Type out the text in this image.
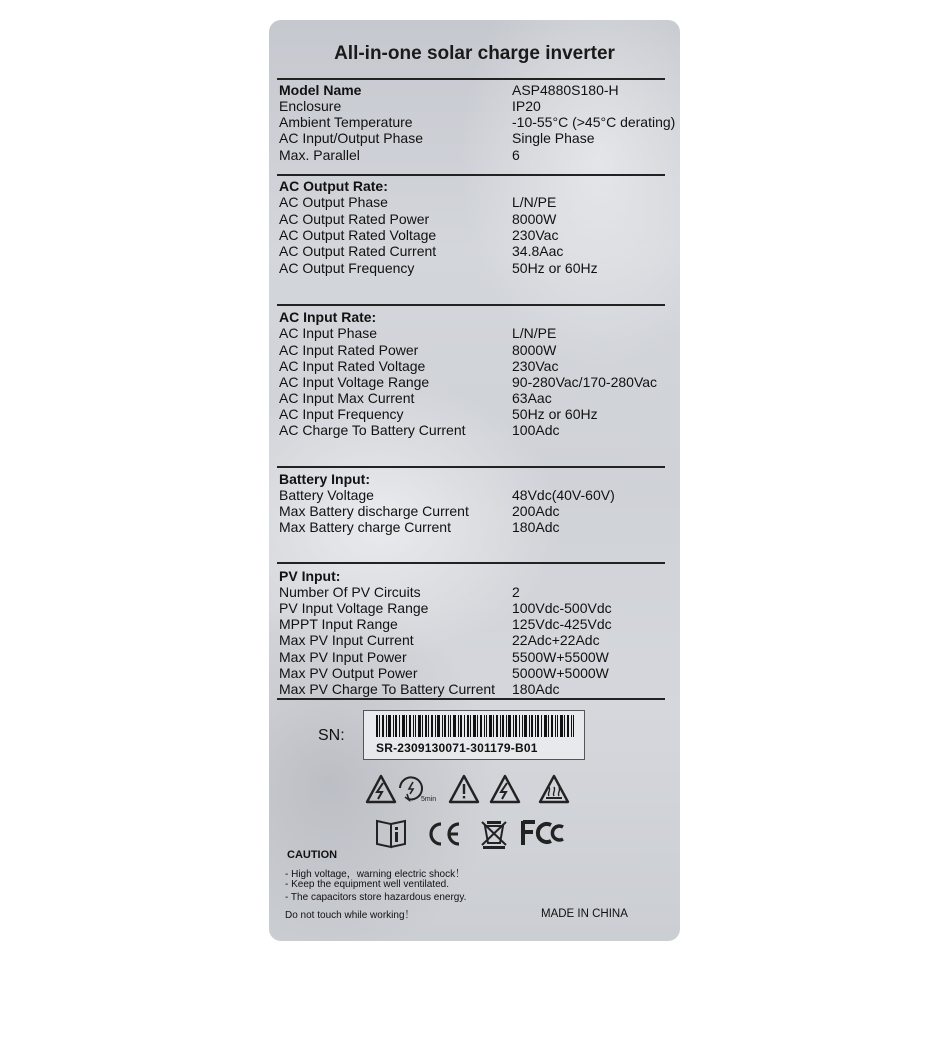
All-in-one solar charge inverter
Model Name	ASP4880S180-H
Enclosure	IP20
Ambient Temperature	-10-55°C (>45°C derating)
AC Input/Output Phase	Single Phase
Max. Parallel	6
AC Output Rate:
AC Output Phase	L/N/PE
AC Output Rated Power	8000W
AC Output Rated Voltage	230Vac
AC Output Rated Current	34.8Aac
AC Output Frequency	50Hz or 60Hz
AC Input Rate:
AC Input Phase	L/N/PE
AC Input Rated Power	8000W
AC Input Rated Voltage	230Vac
AC Input Voltage Range	90-280Vac/170-280Vac
AC Input Max Current	63Aac
AC Input Frequency	50Hz or 60Hz
AC Charge To Battery Current	100Adc
Battery Input:
Battery Voltage	48Vdc(40V-60V)
Max Battery discharge Current	200Adc
Max Battery charge Current	180Adc
PV Input:
Number Of PV Circuits	2
PV Input Voltage Range	100Vdc-500Vdc
MPPT Input Range	125Vdc-425Vdc
Max PV Input Current	22Adc+22Adc
Max PV Input Power	5500W+5500W
Max PV Output Power	5000W+5000W
Max PV Charge To Battery Current 180Adc
SN:
SR-2309130071-301179-B01
5min
CAUTION
- High voltage，warning electric shock！
- Keep the equipment well ventilated.
- The capacitors store hazardous energy.
Do not touch while working！	MADE IN CHINA
